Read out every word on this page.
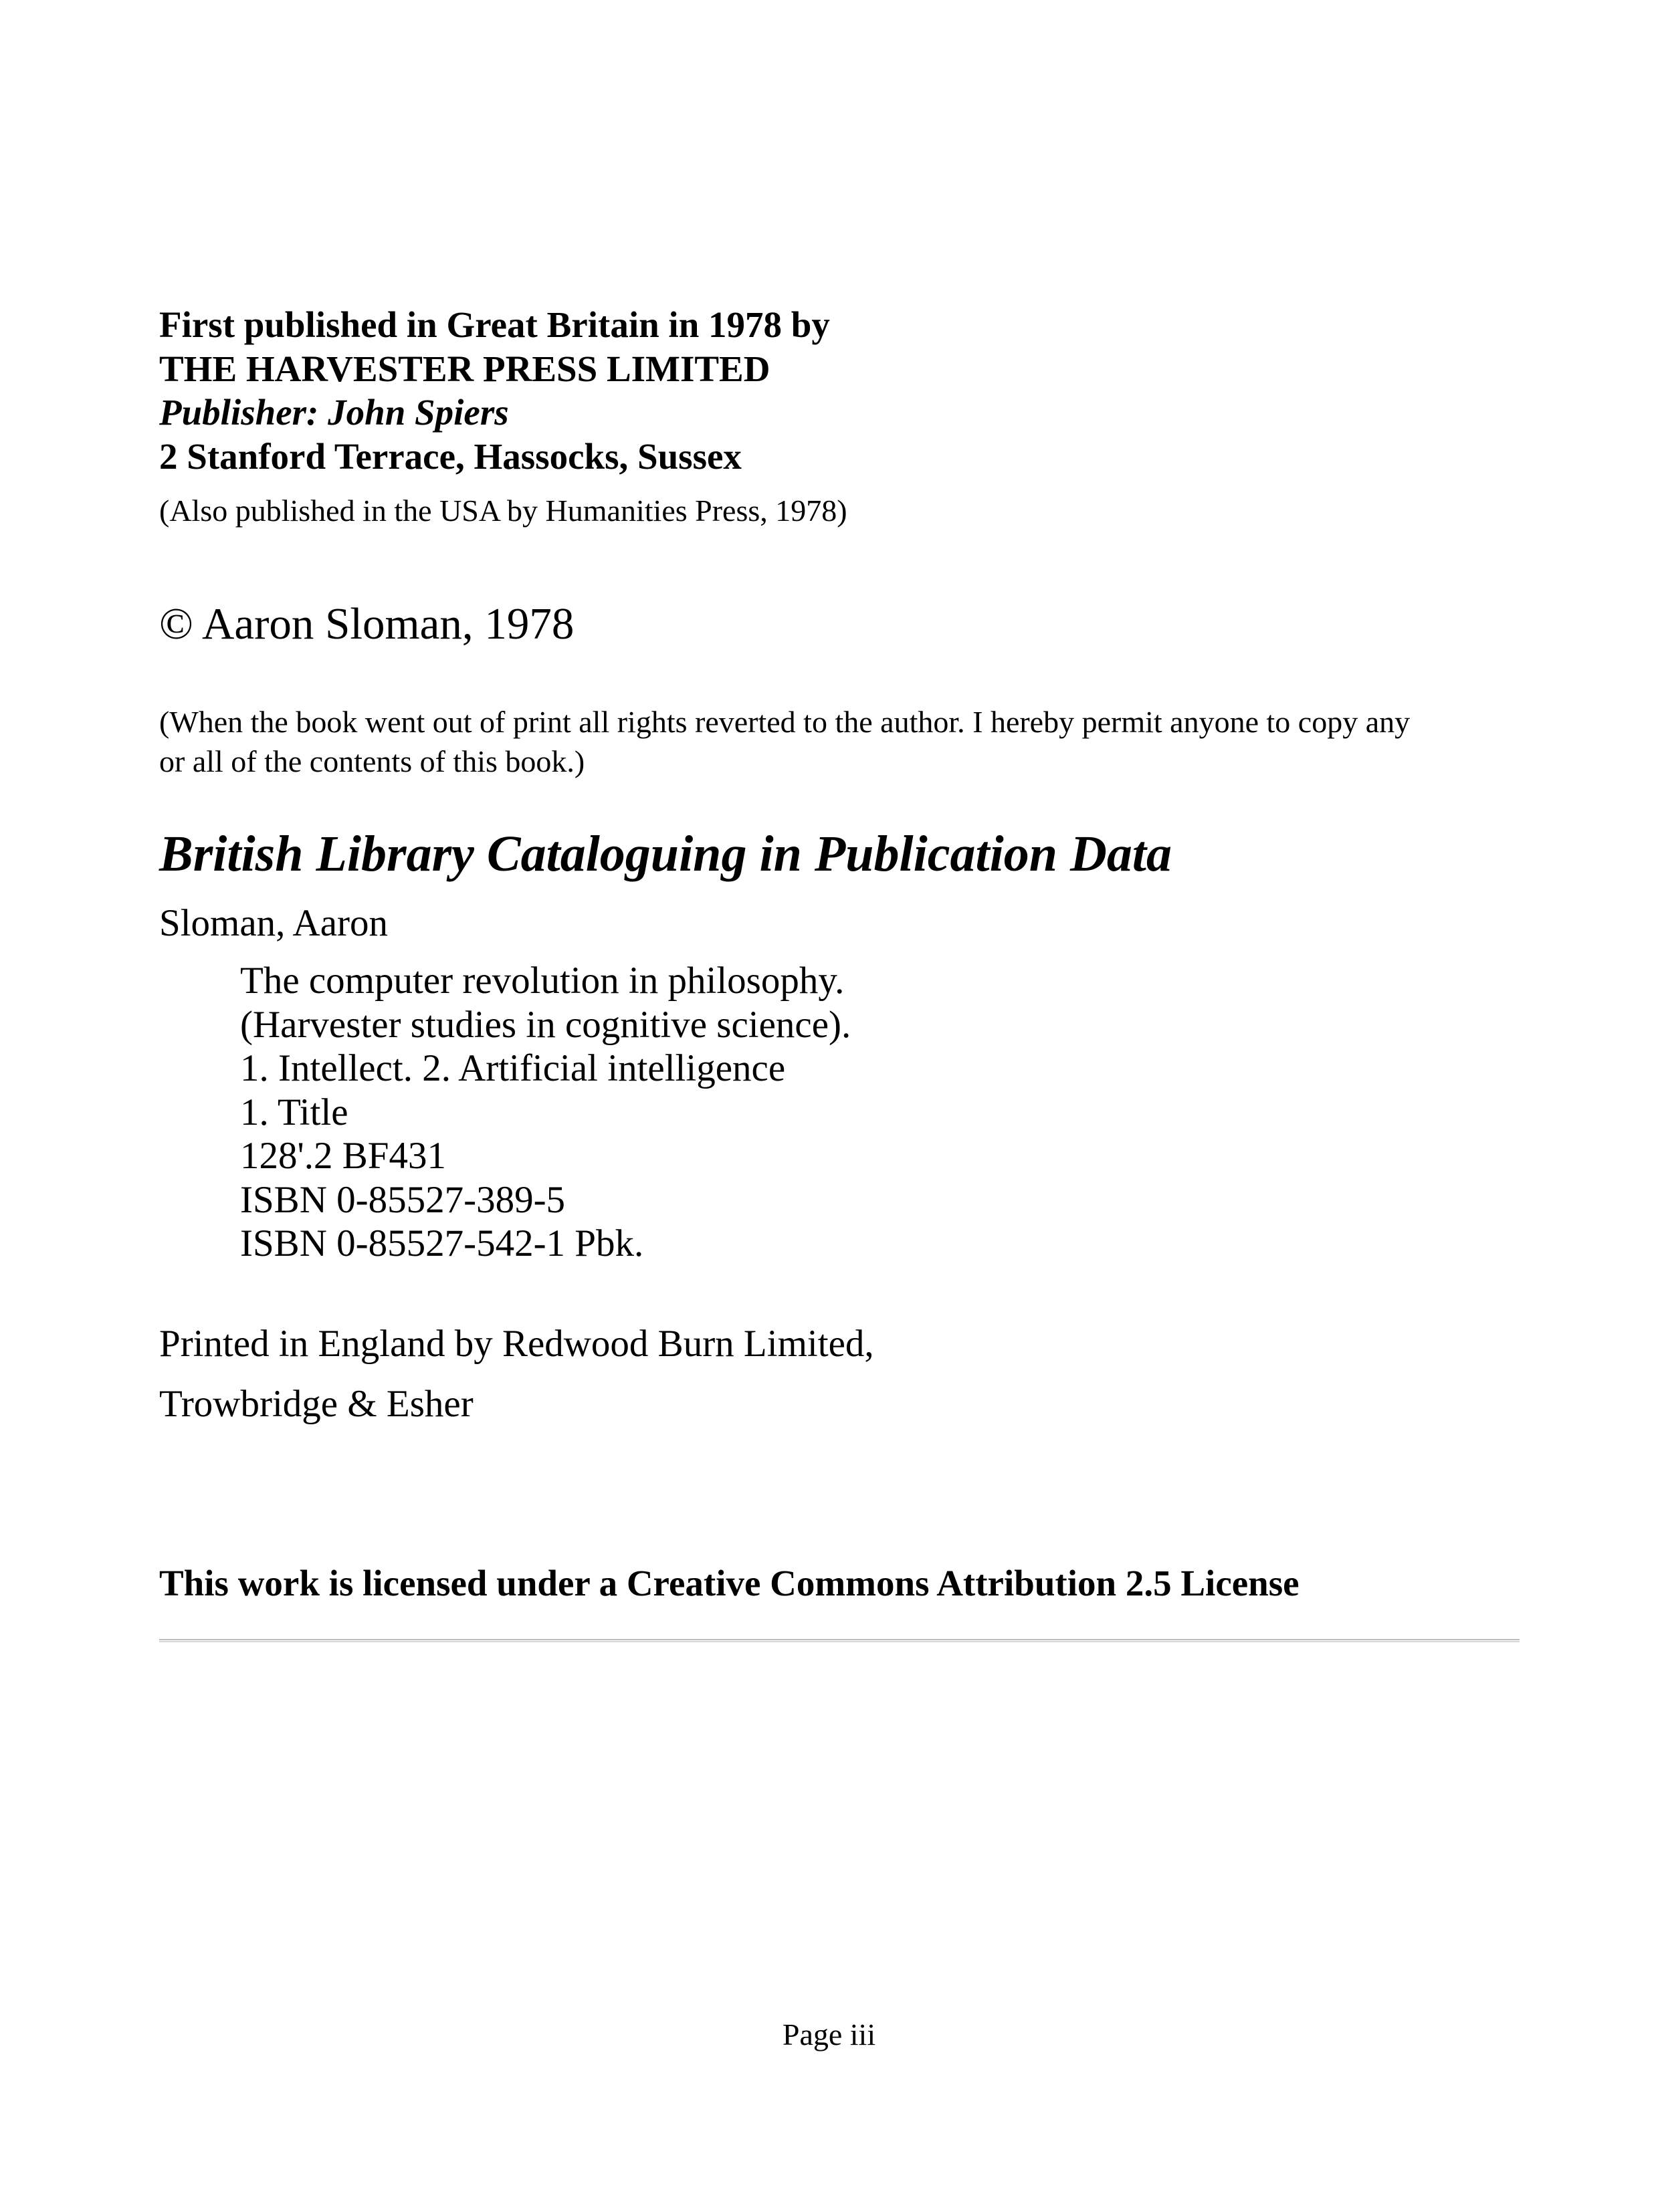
First published in Great Britain in 1978 by
THE HARVESTER PRESS LIMITED
Publisher: John Spiers
2 Stanford Terrace, Hassocks, Sussex
(Also published in the USA by Humanities Press, 1978)
© Aaron Sloman, 1978
(When the book went out of print all rights reverted to the author. I hereby permit anyone to copy any
or all of the contents of this book.)
British Library Cataloguing in Publication Data
Sloman, Aaron
The computer revolution in philosophy.
(Harvester studies in cognitive science).
1. Intellect. 2. Artificial intelligence
1. Title
128'.2 BF431
ISBN 0-85527-389-5
ISBN 0-85527-542-1 Pbk.
Printed in England by Redwood Burn Limited,
Trowbridge & Esher
This work is licensed under a Creative Commons Attribution 2.5 License
Page iii
